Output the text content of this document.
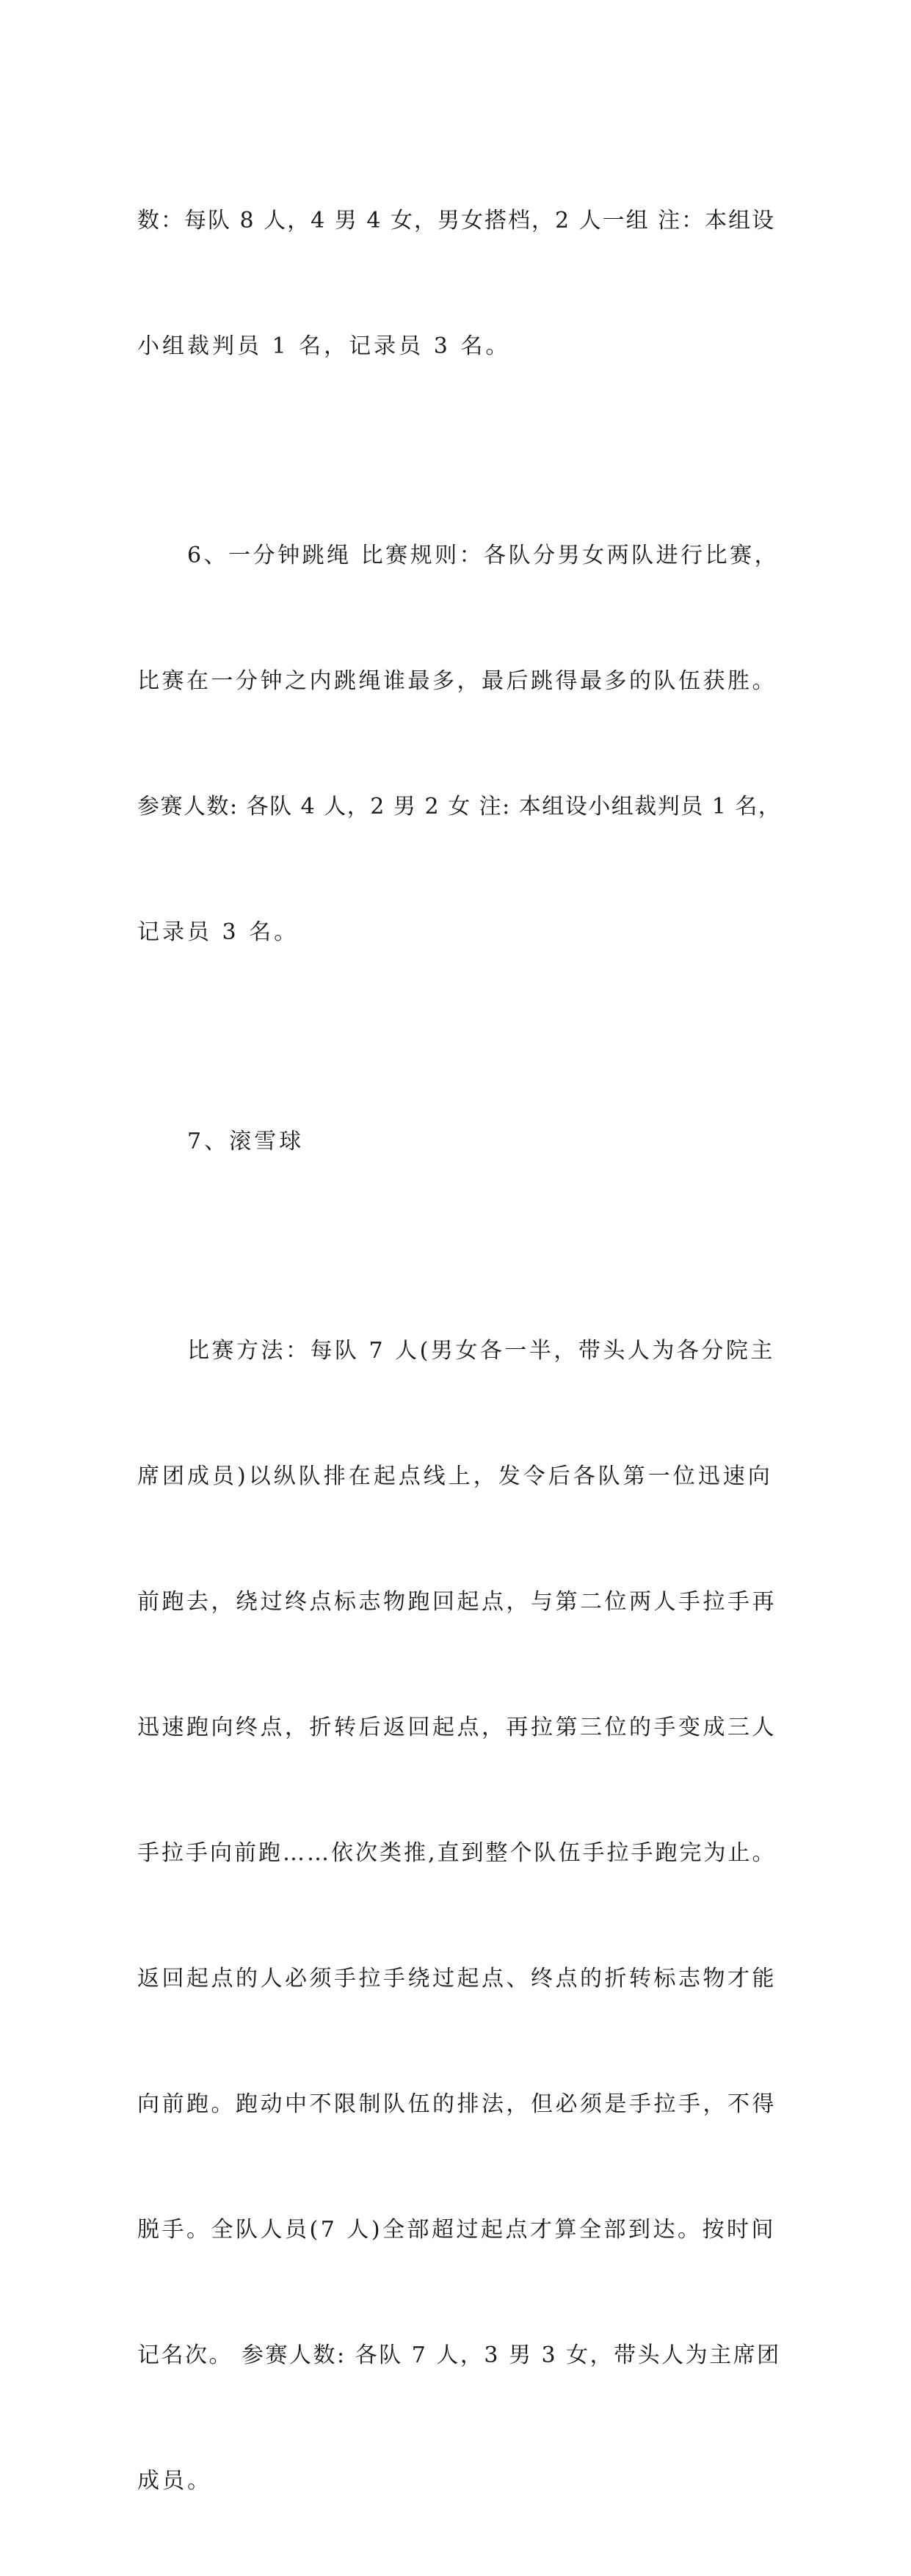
数：每队 8 人，4 男 4 女，男女搭档，2 人一组 注：本组设

小组裁判员 1 名，记录员 3 名。

6、一分钟跳绳 比赛规则：各队分男女两队进行比赛，

比赛在一分钟之内跳绳谁最多，最后跳得最多的队伍获胜。

参赛人数: 各队 4 人，2 男 2 女 注: 本组设小组裁判员 1 名，

记录员 3 名。

7、滚雪球

比赛方法：每队 7 人(男女各一半，带头人为各分院主

席团成员)以纵队排在起点线上，发令后各队第一位迅速向

前跑去，绕过终点标志物跑回起点，与第二位两人手拉手再

迅速跑向终点，折转后返回起点，再拉第三位的手变成三人

手拉手向前跑……依次类推,直到整个队伍手拉手跑完为止。

返回起点的人必须手拉手绕过起点、终点的折转标志物才能

向前跑。跑动中不限制队伍的排法，但必须是手拉手，不得

脱手。全队人员(7 人)全部超过起点才算全部到达。按时间

记名次。 参赛人数: 各队 7 人，3 男 3 女，带头人为主席团

成员。
